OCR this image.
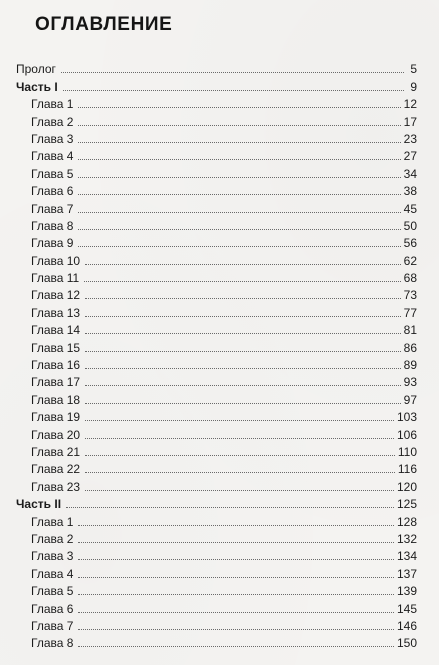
ОГЛАВЛЕНИЕ
Пролог	5
Часть I	9
Глава 1	12
Глава 2	17
Глава 3	23
Глава 4	27
Глава 5	34
Глава 6	38
Глава 7	45
Глава 8	50
Глава 9	56
Глава 10	62
Глава 11	68
Глава 12	73
Глава 13	77
Глава 14	81
Глава 15	86
Глава 16	89
Глава 17	93
Глава 18	97
Глава 19	103
Глава 20	106
Глава 21	110
Глава 22	116
Глава 23	120
Часть II	125
Глава 1	128
Глава 2	132
Глава 3	134
Глава 4	137
Глава 5	139
Глава 6	145
Глава 7	146
Глава 8	150
